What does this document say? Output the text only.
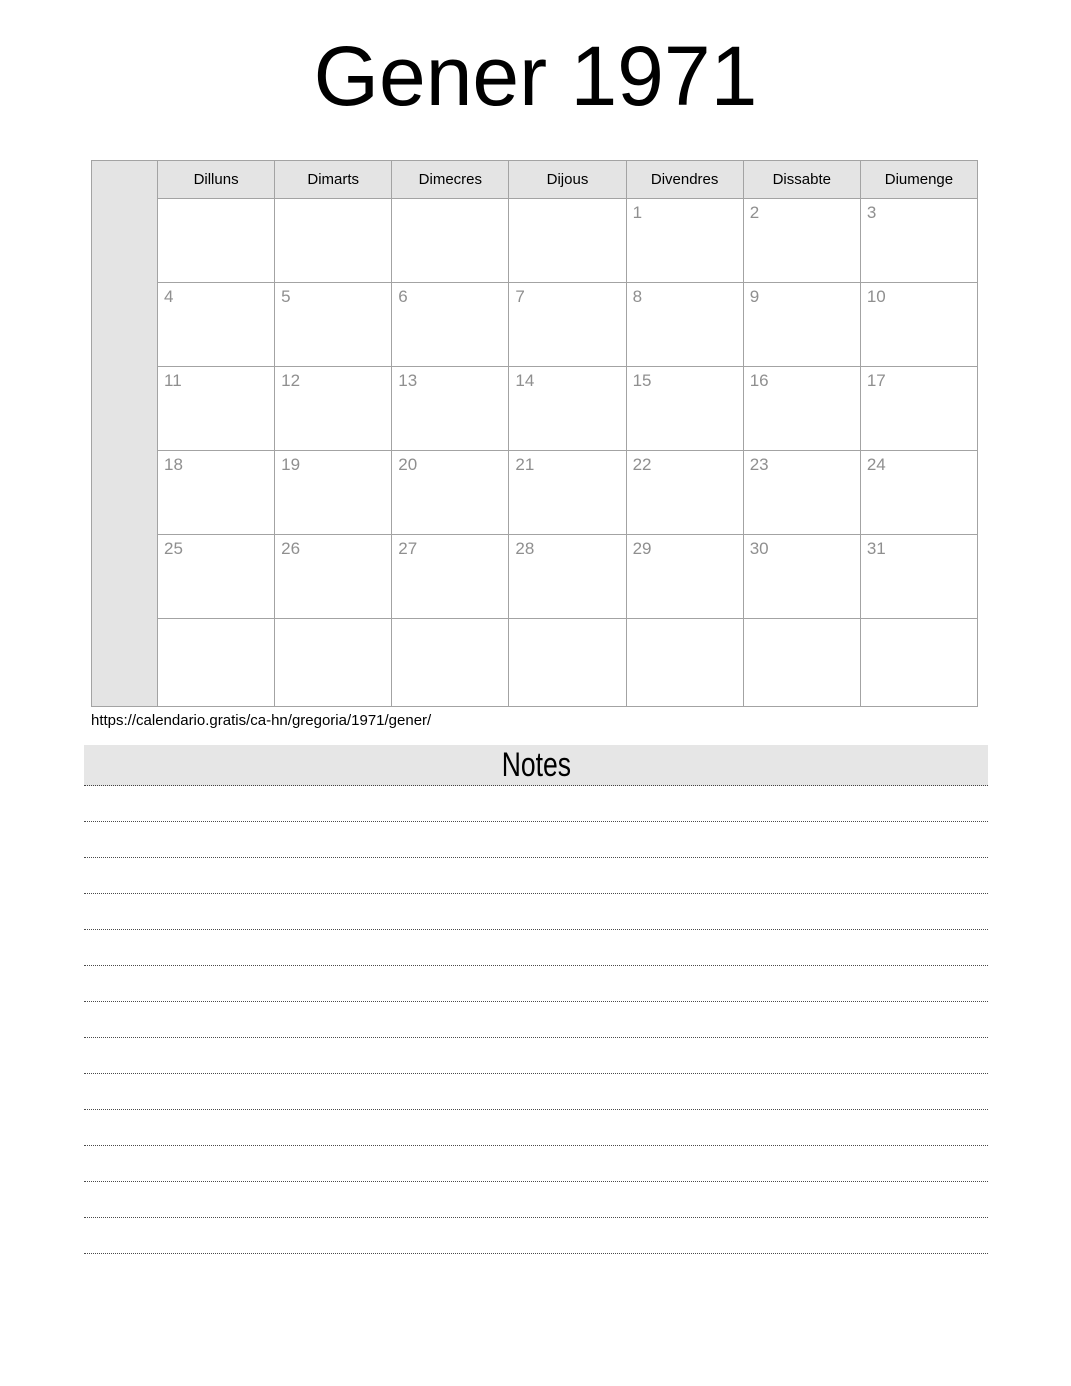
Gener 1971
	Dilluns	Dimarts	Dimecres	Dijous	Divendres	Dissabte	Diumenge
					1	2	3
	4	5	6	7	8	9	10
	11	12	13	14	15	16	17
	18	19	20	21	22	23	24
	25	26	27	28	29	30	31

https://calendario.gratis/ca-hn/gregoria/1971/gener/
Notes
